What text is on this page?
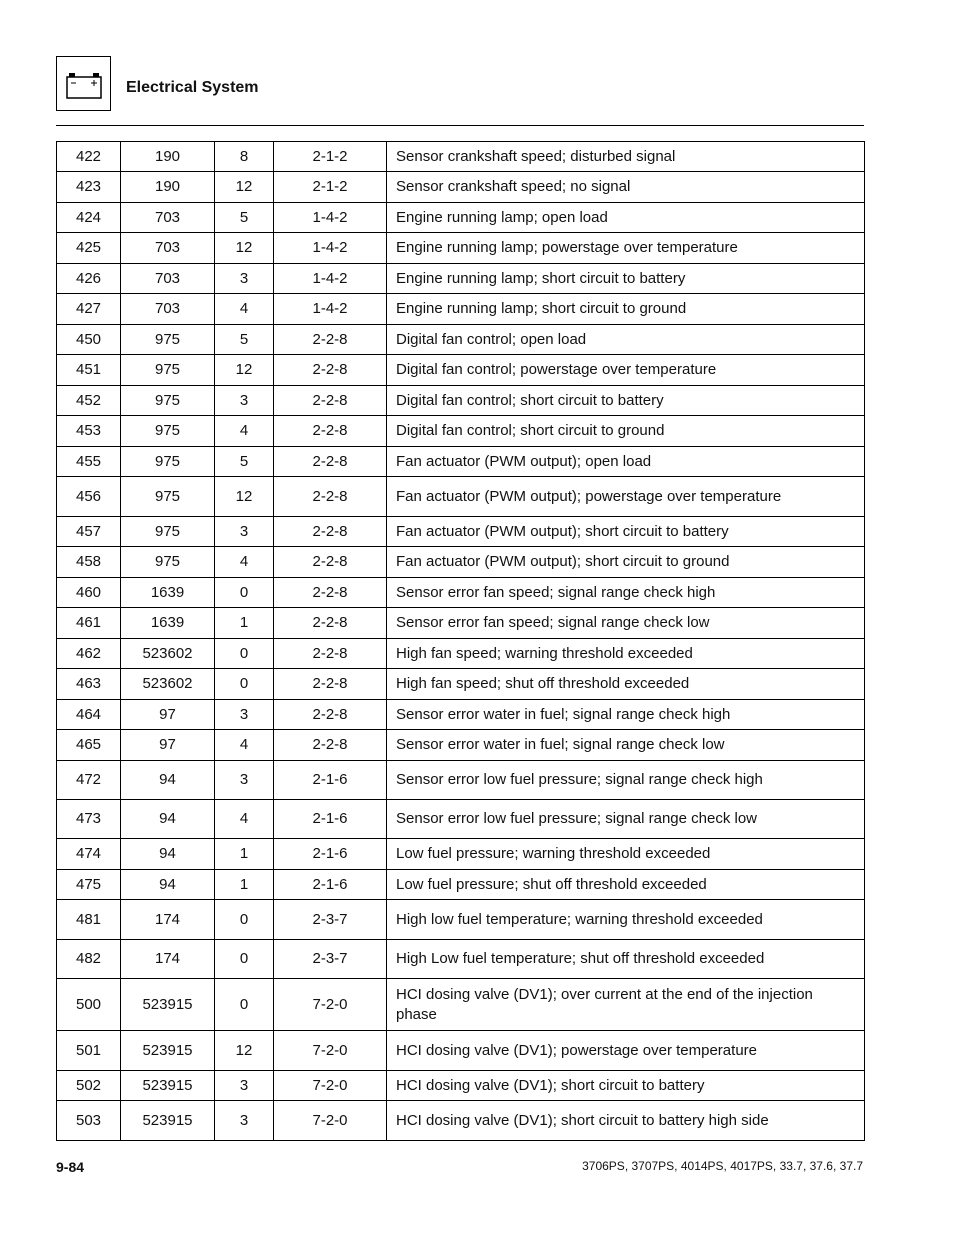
Electrical System
422	190	8	2-1-2	Sensor crankshaft speed; disturbed signal
423	190	12	2-1-2	Sensor crankshaft speed; no signal
424	703	5	1-4-2	Engine running lamp; open load
425	703	12	1-4-2	Engine running lamp; powerstage over temperature
426	703	3	1-4-2	Engine running lamp; short circuit to battery
427	703	4	1-4-2	Engine running lamp; short circuit to ground
450	975	5	2-2-8	Digital fan control; open load
451	975	12	2-2-8	Digital fan control; powerstage over temperature
452	975	3	2-2-8	Digital fan control; short circuit to battery
453	975	4	2-2-8	Digital fan control; short circuit to ground
455	975	5	2-2-8	Fan actuator (PWM output); open load
456	975	12	2-2-8	Fan actuator (PWM output); powerstage over temperature
457	975	3	2-2-8	Fan actuator (PWM output); short circuit to battery
458	975	4	2-2-8	Fan actuator (PWM output); short circuit to ground
460	1639	0	2-2-8	Sensor error fan speed; signal range check high
461	1639	1	2-2-8	Sensor error fan speed; signal range check low
462	523602	0	2-2-8	High fan speed; warning threshold exceeded
463	523602	0	2-2-8	High fan speed; shut off threshold exceeded
464	97	3	2-2-8	Sensor error water in fuel; signal range check high
465	97	4	2-2-8	Sensor error water in fuel; signal range check low
472	94	3	2-1-6	Sensor error low fuel pressure; signal range check high
473	94	4	2-1-6	Sensor error low fuel pressure; signal range check low
474	94	1	2-1-6	Low fuel pressure; warning threshold exceeded
475	94	1	2-1-6	Low fuel pressure; shut off threshold exceeded
481	174	0	2-3-7	High low fuel temperature; warning threshold exceeded
482	174	0	2-3-7	High Low fuel temperature; shut off threshold exceeded
500	523915	0	7-2-0	HCI dosing valve (DV1); over current at the end of the injection phase
501	523915	12	7-2-0	HCI dosing valve (DV1); powerstage over temperature
502	523915	3	7-2-0	HCI dosing valve (DV1); short circuit to battery
503	523915	3	7-2-0	HCI dosing valve (DV1); short circuit to battery high side
9-84	3706PS, 3707PS, 4014PS, 4017PS, 33.7, 37.6, 37.7
